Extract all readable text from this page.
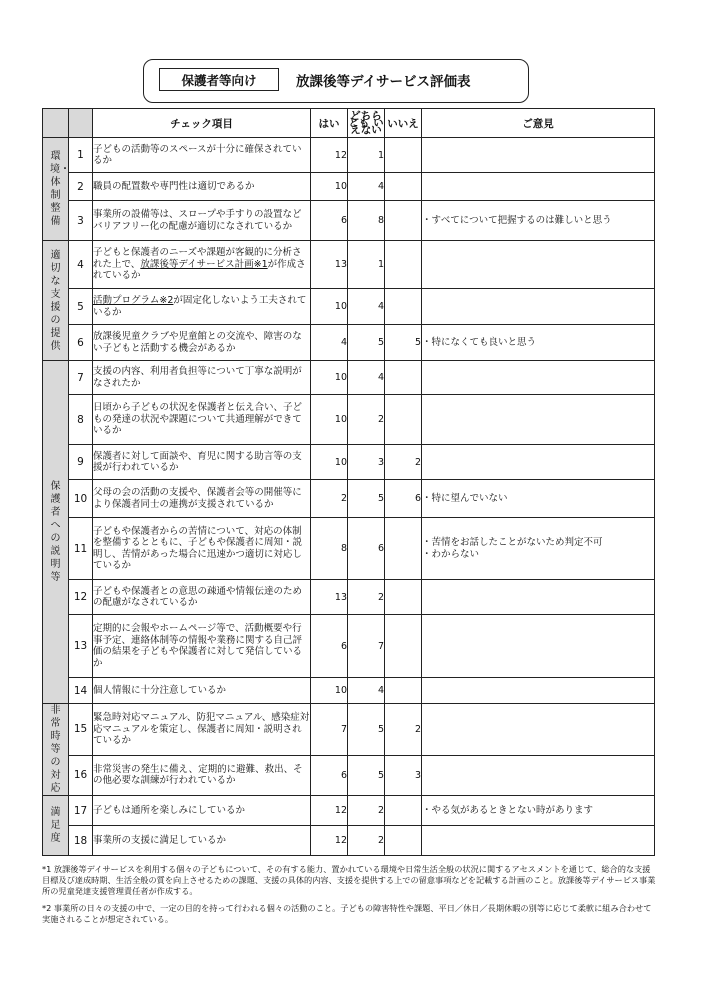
保護者等向け	放課後等デイサービス評価表
		チェック項目	はい	どちらとも いえない	いいえ	ご意見
環境・体制整備	1	子どもの活動等のスペースが十分に確保されているか	12	1		
	2	職員の配置数や専門性は適切であるか	10	4		
	3	事業所の設備等は、スロープや手すりの設置などバリアフリー化の配慮が適切になされているか	6	8		・すべてについて把握するのは難しいと思う
適切な支援の提供	4	子どもと保護者のニーズや課題が客観的に分析された上で、放課後等デイサービス計画※1が作成されているか	13	1		
	5	活動プログラム※2が固定化しないよう工夫されているか	10	4		
	6	放課後児童クラブや児童館との交流や、障害のない子どもと活動する機会があるか	4	5	5	・特になくても良いと思う
保護者への説明等	7	支援の内容、利用者負担等について丁寧な説明がなされたか	10	4		
	8	日頃から子どもの状況を保護者と伝え合い、子どもの発達の状況や課題について共通理解ができているか	10	2		
	9	保護者に対して面談や、育児に関する助言等の支援が行われているか	10	3	2	
	10	父母の会の活動の支援や、保護者会等の開催等により保護者同士の連携が支援されているか	2	5	6	・特に望んでいない
	11	子どもや保護者からの苦情について、対応の体制を整備するとともに、子どもや保護者に周知・説明し、苦情があった場合に迅速かつ適切に対応しているか	8	6		・苦情をお話したことがないため判定不可
・わからない

	12	子どもや保護者との意思の疎通や情報伝達のための配慮がなされているか	13	2		
	13	定期的に会報やホームページ等で、活動概要や行事予定、連絡体制等の情報や業務に関する自己評価の結果を子どもや保護者に対して発信しているか	6	7		
	14	個人情報に十分注意しているか	10	4		
非常時等の対応	15	緊急時対応マニュアル、防犯マニュアル、感染症対応マニュアルを策定し、保護者に周知・説明されているか	7	5	2	
	16	非常災害の発生に備え、定期的に避難、救出、その他必要な訓練が行われているか	6	5	3	
満足度	17	子どもは通所を楽しみにしているか	12	2		・やる気があるときとない時があります
	18	事業所の支援に満足しているか	12	2		

*1 放課後等デイサービスを利用する個々の子どもについて、その有する能力、置かれている環境や日常生活全般の状況に関するアセスメントを通じて、総合的な支援目標及び達成時期、生活全般の質を向上させるための課題、支援の具体的内容、支援を提供する上での留意事項などを記載する計画のこと。放課後等デイサービス事業所の児童発達支援管理責任者が作成する。

*2 事業所の日々の支援の中で、一定の目的を持って行われる個々の活動のこと。子どもの障害特性や課題、平日／休日／長期休暇の別等に応じて柔軟に組み合わせて実施されることが想定されている。
